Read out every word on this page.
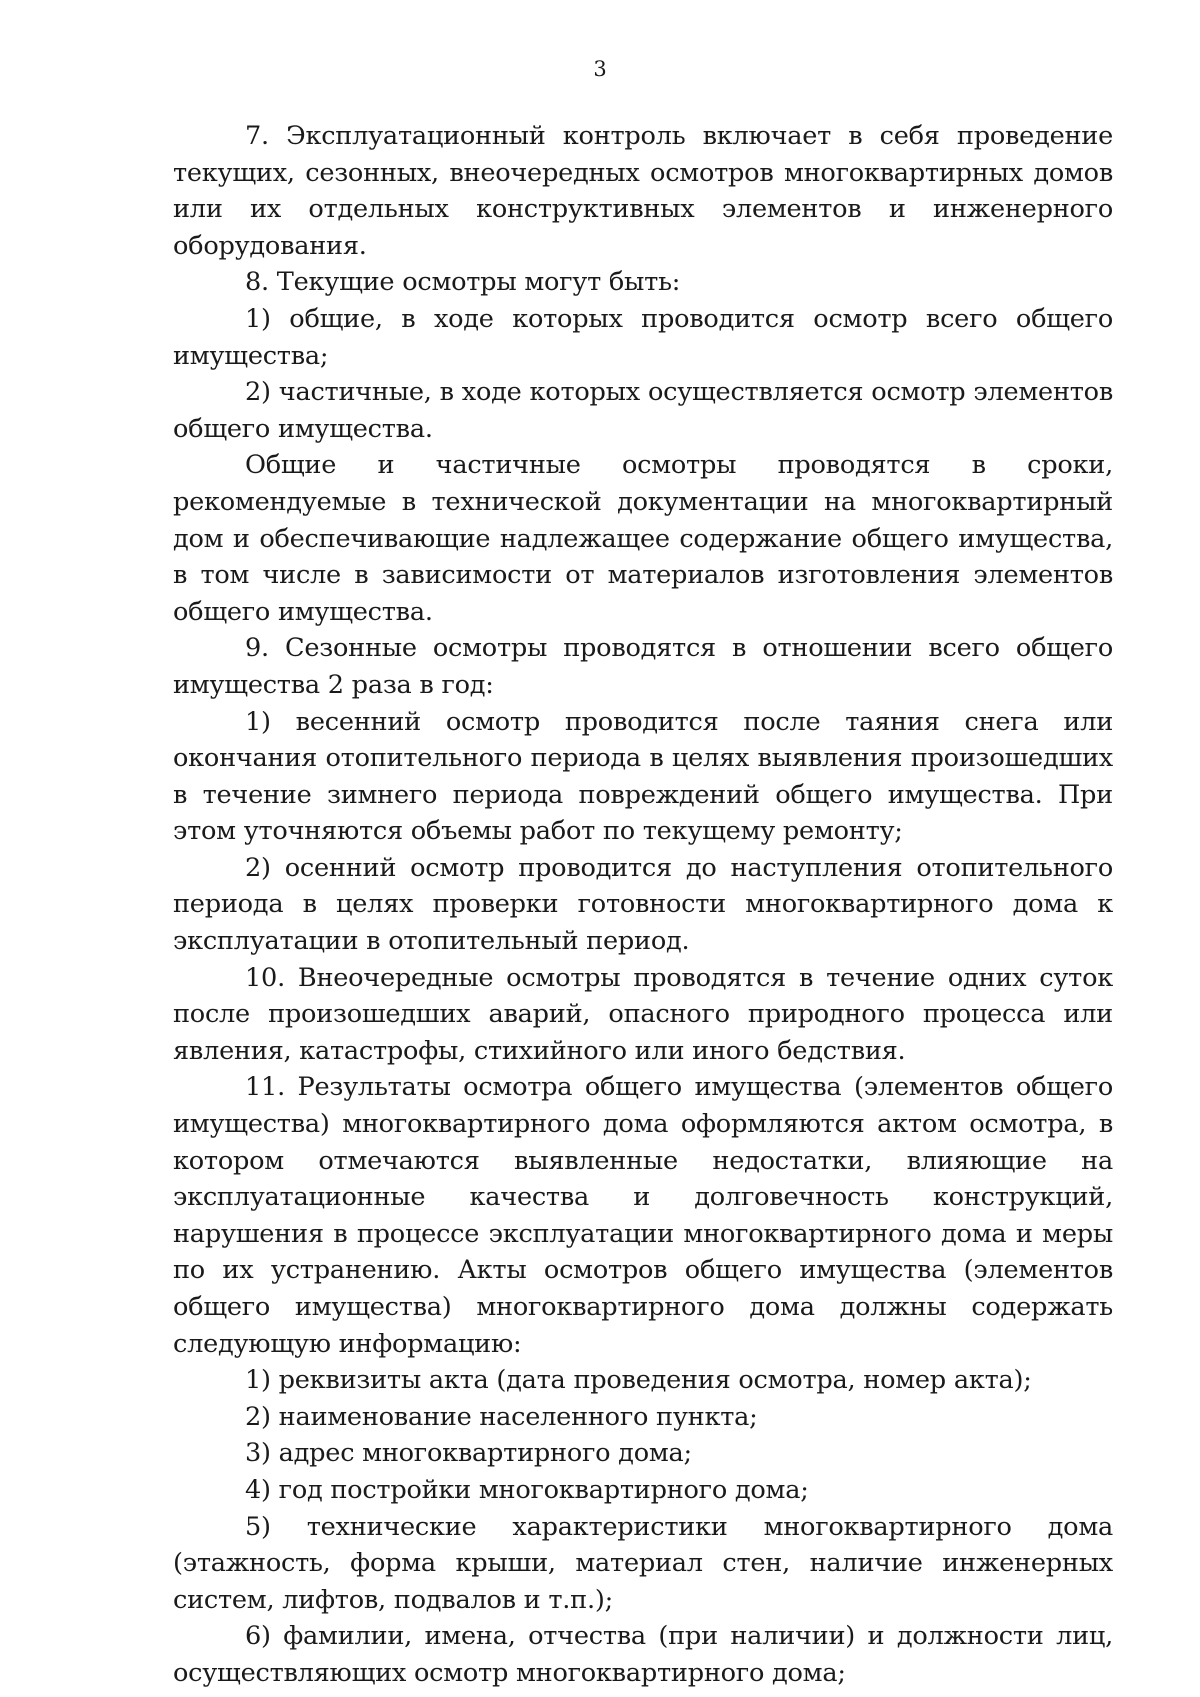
3

7. Эксплуатационный контроль включает в себя проведение текущих, сезонных, внеочередных осмотров многоквартирных домов или их отдельных конструктивных элементов и инженерного оборудования.

8. Текущие осмотры могут быть:

1) общие, в ходе которых проводится осмотр всего общего имущества;

2) частичные, в ходе которых осуществляется осмотр элементов общего имущества.

Общие и частичные осмотры проводятся в сроки, рекомендуемые в технической документации на многоквартирный дом и обеспечивающие надлежащее содержание общего имущества, в том числе в зависимости от материалов изготовления элементов общего имущества.

9. Сезонные осмотры проводятся в отношении всего общего имущества 2 раза в год:

1) весенний осмотр проводится после таяния снега или окончания отопительного периода в целях выявления произошедших в течение зимнего периода повреждений общего имущества. При этом уточняются объемы работ по текущему ремонту;

2) осенний осмотр проводится до наступления отопительного периода в целях проверки готовности многоквартирного дома к эксплуатации в отопительный период.

10. Внеочередные осмотры проводятся в течение одних суток после произошедших аварий, опасного природного процесса или явления, катастрофы, стихийного или иного бедствия.

11. Результаты осмотра общего имущества (элементов общего имущества) многоквартирного дома оформляются актом осмотра, в котором отмечаются выявленные недостатки, влияющие на эксплуатационные качества и долговечность конструкций, нарушения в процессе эксплуатации многоквартирного дома и меры по их устранению. Акты осмотров общего имущества (элементов общего имущества) многоквартирного дома должны содержать следующую информацию:

1) реквизиты акта (дата проведения осмотра, номер акта);

2) наименование населенного пункта;

3) адрес многоквартирного дома;

4) год постройки многоквартирного дома;

5) технические характеристики многоквартирного дома (этажность, форма крыши, материал стен, наличие инженерных систем, лифтов, подвалов и т.п.);

6) фамилии, имена, отчества (при наличии) и должности лиц, осуществляющих осмотр многоквартирного дома;
